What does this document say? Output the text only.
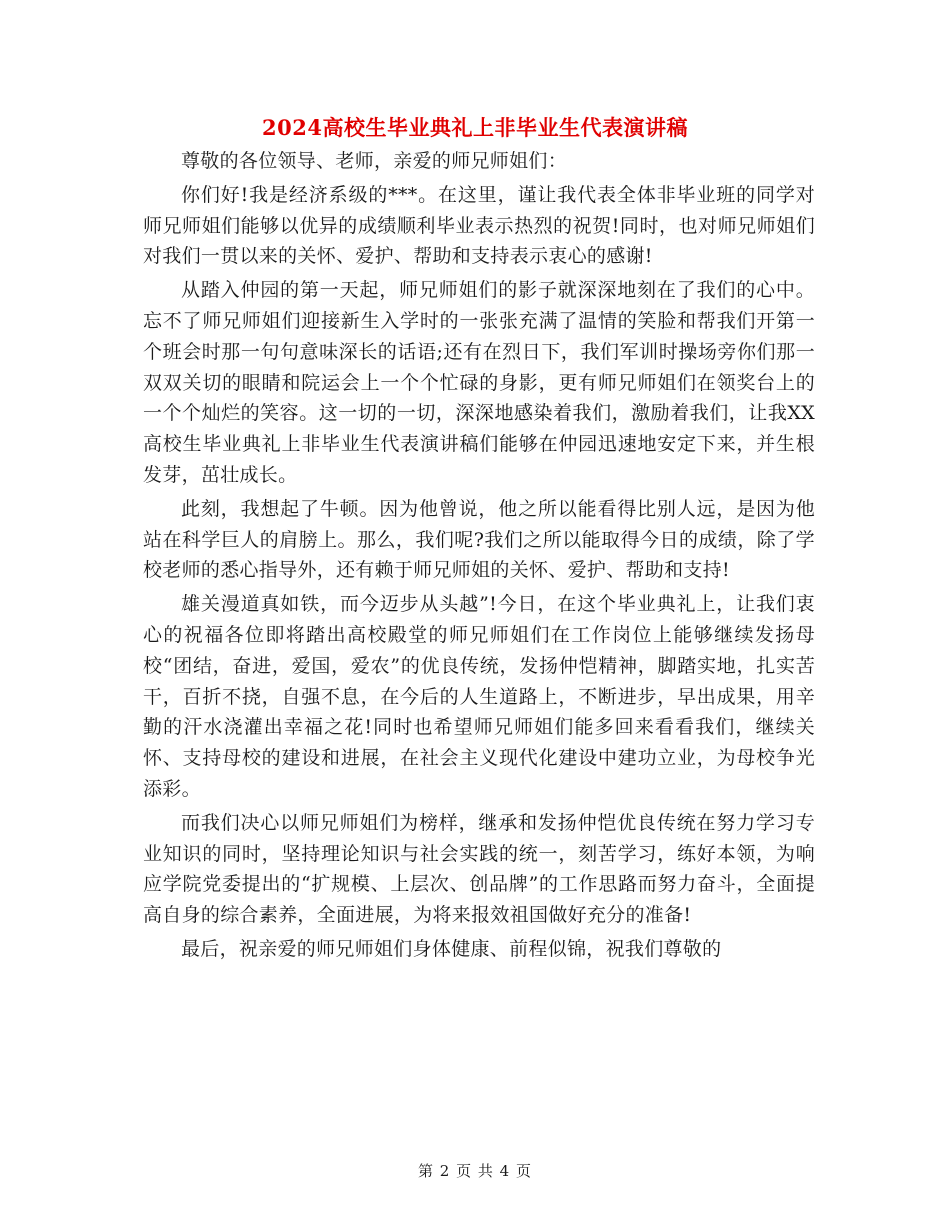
2024高校生毕业典礼上非毕业生代表演讲稿

尊敬的各位领导、老师，亲爱的师兄师姐们：

你们好!我是经济系级的***。在这里，谨让我代表全体非毕业班的同学对师兄师姐们能够以优异的成绩顺利毕业表示热烈的祝贺!同时，也对师兄师姐们对我们一贯以来的关怀、爱护、帮助和支持表示衷心的感谢!

从踏入仲园的第一天起，师兄师姐们的影子就深深地刻在了我们的心中。忘不了师兄师姐们迎接新生入学时的一张张充满了温情的笑脸和帮我们开第一个班会时那一句句意味深长的话语;还有在烈日下，我们军训时操场旁你们那一双双关切的眼睛和院运会上一个个忙碌的身影，更有师兄师姐们在领奖台上的一个个灿烂的笑容。这一切的一切，深深地感染着我们，激励着我们，让我XX高校生毕业典礼上非毕业生代表演讲稿们能够在仲园迅速地安定下来，并生根发芽，茁壮成长。

此刻，我想起了牛顿。因为他曾说，他之所以能看得比别人远，是因为他站在科学巨人的肩膀上。那么，我们呢?我们之所以能取得今日的成绩，除了学校老师的悉心指导外，还有赖于师兄师姐的关怀、爱护、帮助和支持!

雄关漫道真如铁，而今迈步从头越”!今日，在这个毕业典礼上，让我们衷心的祝福各位即将踏出高校殿堂的师兄师姐们在工作岗位上能够继续发扬母校“团结，奋进，爱国，爱农”的优良传统，发扬仲恺精神，脚踏实地，扎实苦干，百折不挠，自强不息，在今后的人生道路上，不断进步，早出成果，用辛勤的汗水浇灌出幸福之花!同时也希望师兄师姐们能多回来看看我们，继续关怀、支持母校的建设和进展，在社会主义现代化建设中建功立业，为母校争光添彩。

而我们决心以师兄师姐们为榜样，继承和发扬仲恺优良传统在努力学习专业知识的同时，坚持理论知识与社会实践的统一，刻苦学习，练好本领，为响应学院党委提出的“扩规模、上层次、创品牌”的工作思路而努力奋斗，全面提高自身的综合素养，全面进展，为将来报效祖国做好充分的准备!

最后，祝亲爱的师兄师姐们身体健康、前程似锦，祝我们尊敬的

第 2 页 共 4 页
